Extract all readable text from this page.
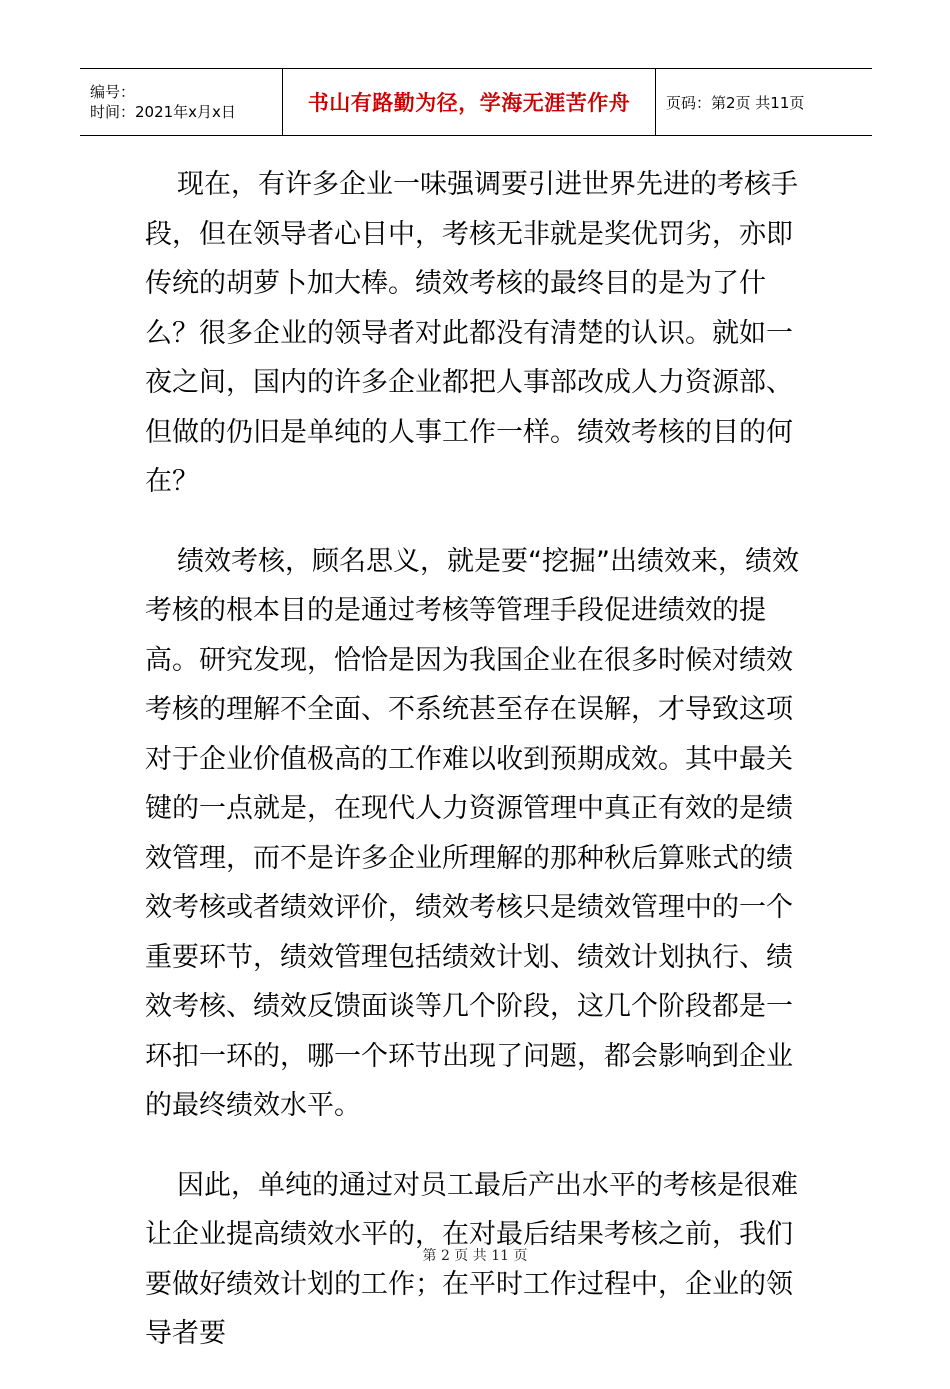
编号：
时间：2021年x月x日	书山有路勤为径，学海无涯苦作舟	页码：第2页 共11页

现在，有许多企业一味强调要引进世界先进的考核手段，但在领导者心目中，考核无非就是奖优罚劣，亦即传统的胡萝卜加大棒。绩效考核的最终目的是为了什么？很多企业的领导者对此都没有清楚的认识。就如一夜之间，国内的许多企业都把人事部改成人力资源部、但做的仍旧是单纯的人事工作一样。绩效考核的目的何在？

绩效考核，顾名思义，就是要“挖掘”出绩效来，绩效考核的根本目的是通过考核等管理手段促进绩效的提高。研究发现，恰恰是因为我国企业在很多时候对绩效考核的理解不全面、不系统甚至存在误解，才导致这项对于企业价值极高的工作难以收到预期成效。其中最关键的一点就是，在现代人力资源管理中真正有效的是绩效管理，而不是许多企业所理解的那种秋后算账式的绩效考核或者绩效评价，绩效考核只是绩效管理中的一个重要环节，绩效管理包括绩效计划、绩效计划执行、绩效考核、绩效反馈面谈等几个阶段，这几个阶段都是一环扣一环的，哪一个环节出现了问题，都会影响到企业的最终绩效水平。

因此，单纯的通过对员工最后产出水平的考核是很难让企业提高绩效水平的，在对最后结果考核之前，我们要做好绩效计划的工作；在平时工作过程中，企业的领导者要

第 2 页 共 11 页
